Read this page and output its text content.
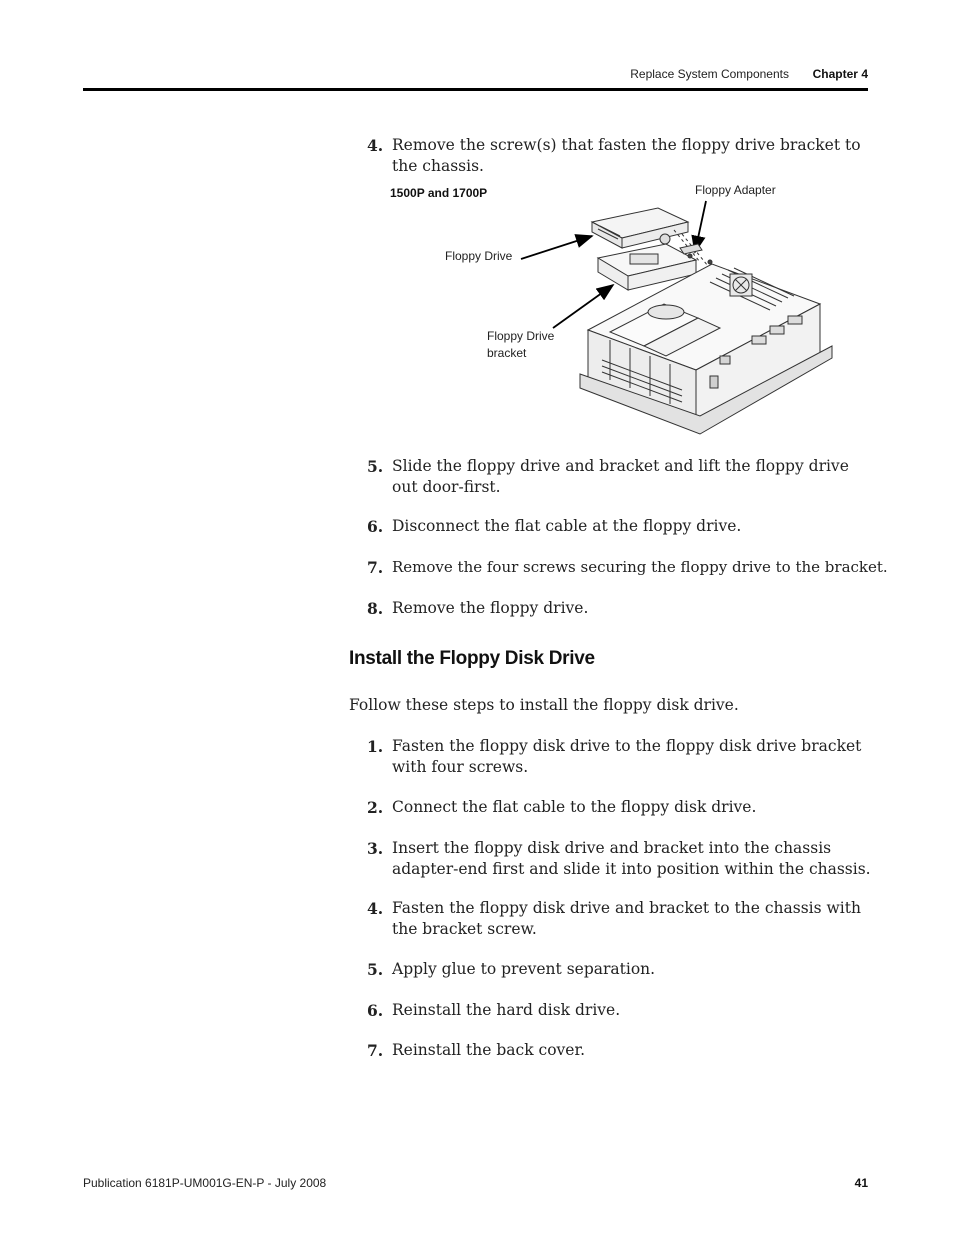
Replace System Components Chapter 4
4. Remove the screw(s) that fasten the floppy drive bracket to the chassis.
1500P and 1700P	Floppy Adapter
Floppy Drive
Floppy Drive
bracket
5. Slide the floppy drive and bracket and lift the floppy drive out door-first.
6. Disconnect the flat cable at the floppy drive.
7. Remove the four screws securing the floppy drive to the bracket.
8. Remove the floppy drive.
Install the Floppy Disk Drive
Follow these steps to install the floppy disk drive.
1. Fasten the floppy disk drive to the floppy disk drive bracket with four screws.
2. Connect the flat cable to the floppy disk drive.
3. Insert the floppy disk drive and bracket into the chassis adapter-end first and slide it into position within the chassis.
4. Fasten the floppy disk drive and bracket to the chassis with the bracket screw.
5. Apply glue to prevent separation.
6. Reinstall the hard disk drive.
7. Reinstall the back cover.
Publication 6181P-UM001G-EN-P - July 2008	41
